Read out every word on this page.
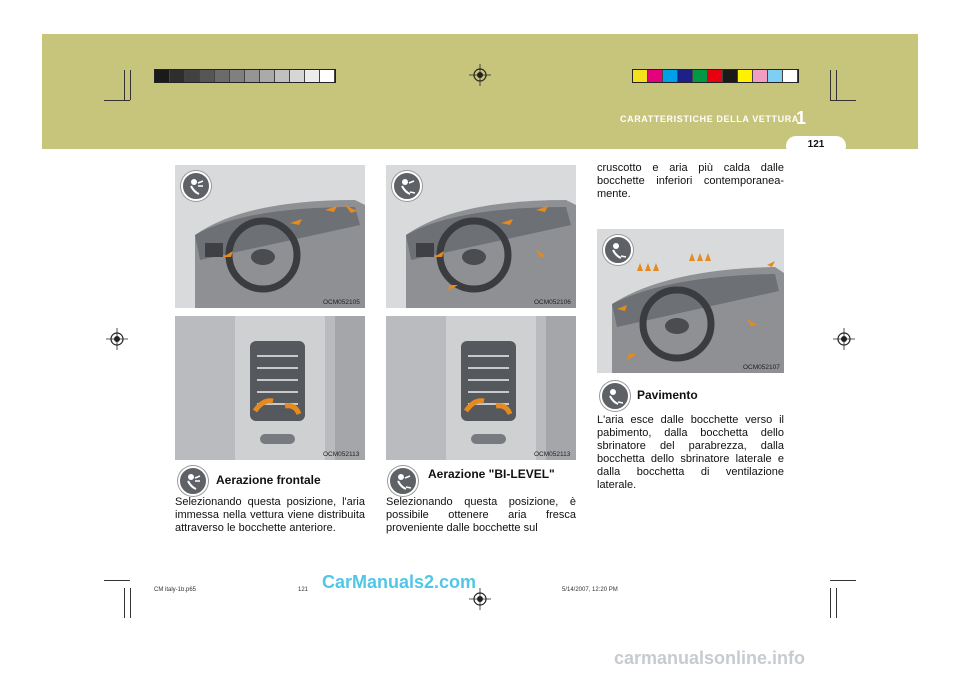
CARATTERISTICHE DELLA VETTURA
1
121
OCM052105
OCM052113
OCM052106
OCM052113
OCM052107
Aerazione frontale
Selezionando questa posizione, l'aria immessa nella vettura viene distribuita attraverso le bocchette anteriore.
Aerazione "BI-LEVEL"
Selezionando questa posizione, è possibile ottenere aria fresca proveniente dalle bocchette sul
cruscotto e aria più calda dalle bocchette inferiori contemporanea-mente.
Pavimento
L'aria esce dalle bocchette verso il pabimento, dalla bocchetta dello sbrinatore del parabrezza, dalla bocchetta dello sbrinatore laterale e dalla bocchetta di ventilazione laterale.
CM italy-1b.p65	121	5/14/2007, 12:20 PM
CarManuals2.com
carmanualsonline.info
